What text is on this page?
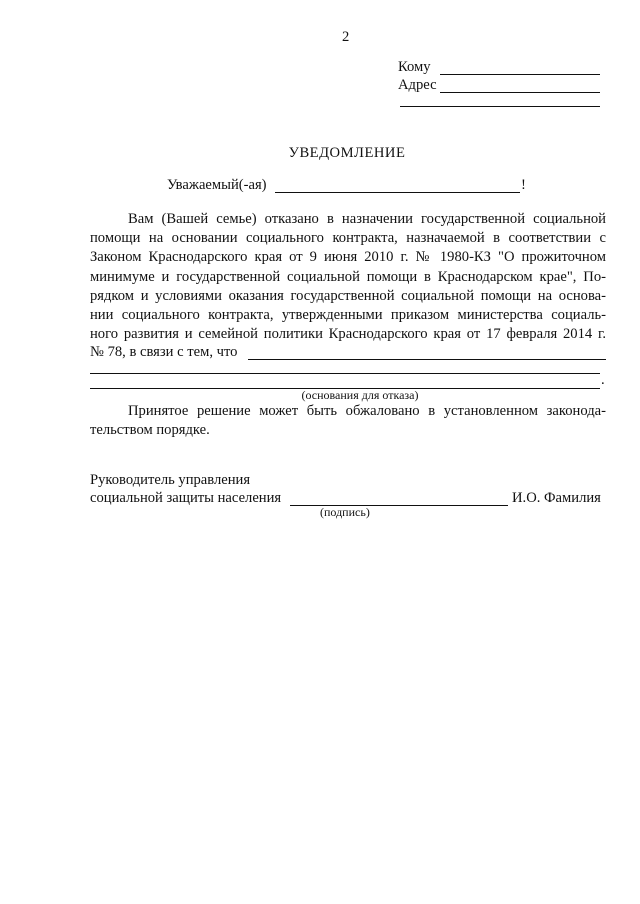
2
Кому
Адрес
УВЕДОМЛЕНИЕ
Уважаемый(-ая)	!
Вам (Вашей семье) отказано в назначении государственной социальной
помощи на основании социального контракта, назначаемой в соответствии с
Законом Краснодарского края от 9 июня 2010 г. № 1980-КЗ "О прожиточном
минимуме и государственной социальной помощи в Краснодарском крае", По-
рядком и условиями оказания государственной социальной помощи на основа-
нии социального контракта, утвержденными приказом министерства социаль-
ного развития и семейной политики Краснодарского края от 17 февраля 2014 г.
№ 78, в связи с тем, что
.
(основания для отказа)
Принятое решение может быть обжаловано в установленном законода-
тельством порядке.
Руководитель управления
социальной защиты населения	И.О. Фамилия
(подпись)
